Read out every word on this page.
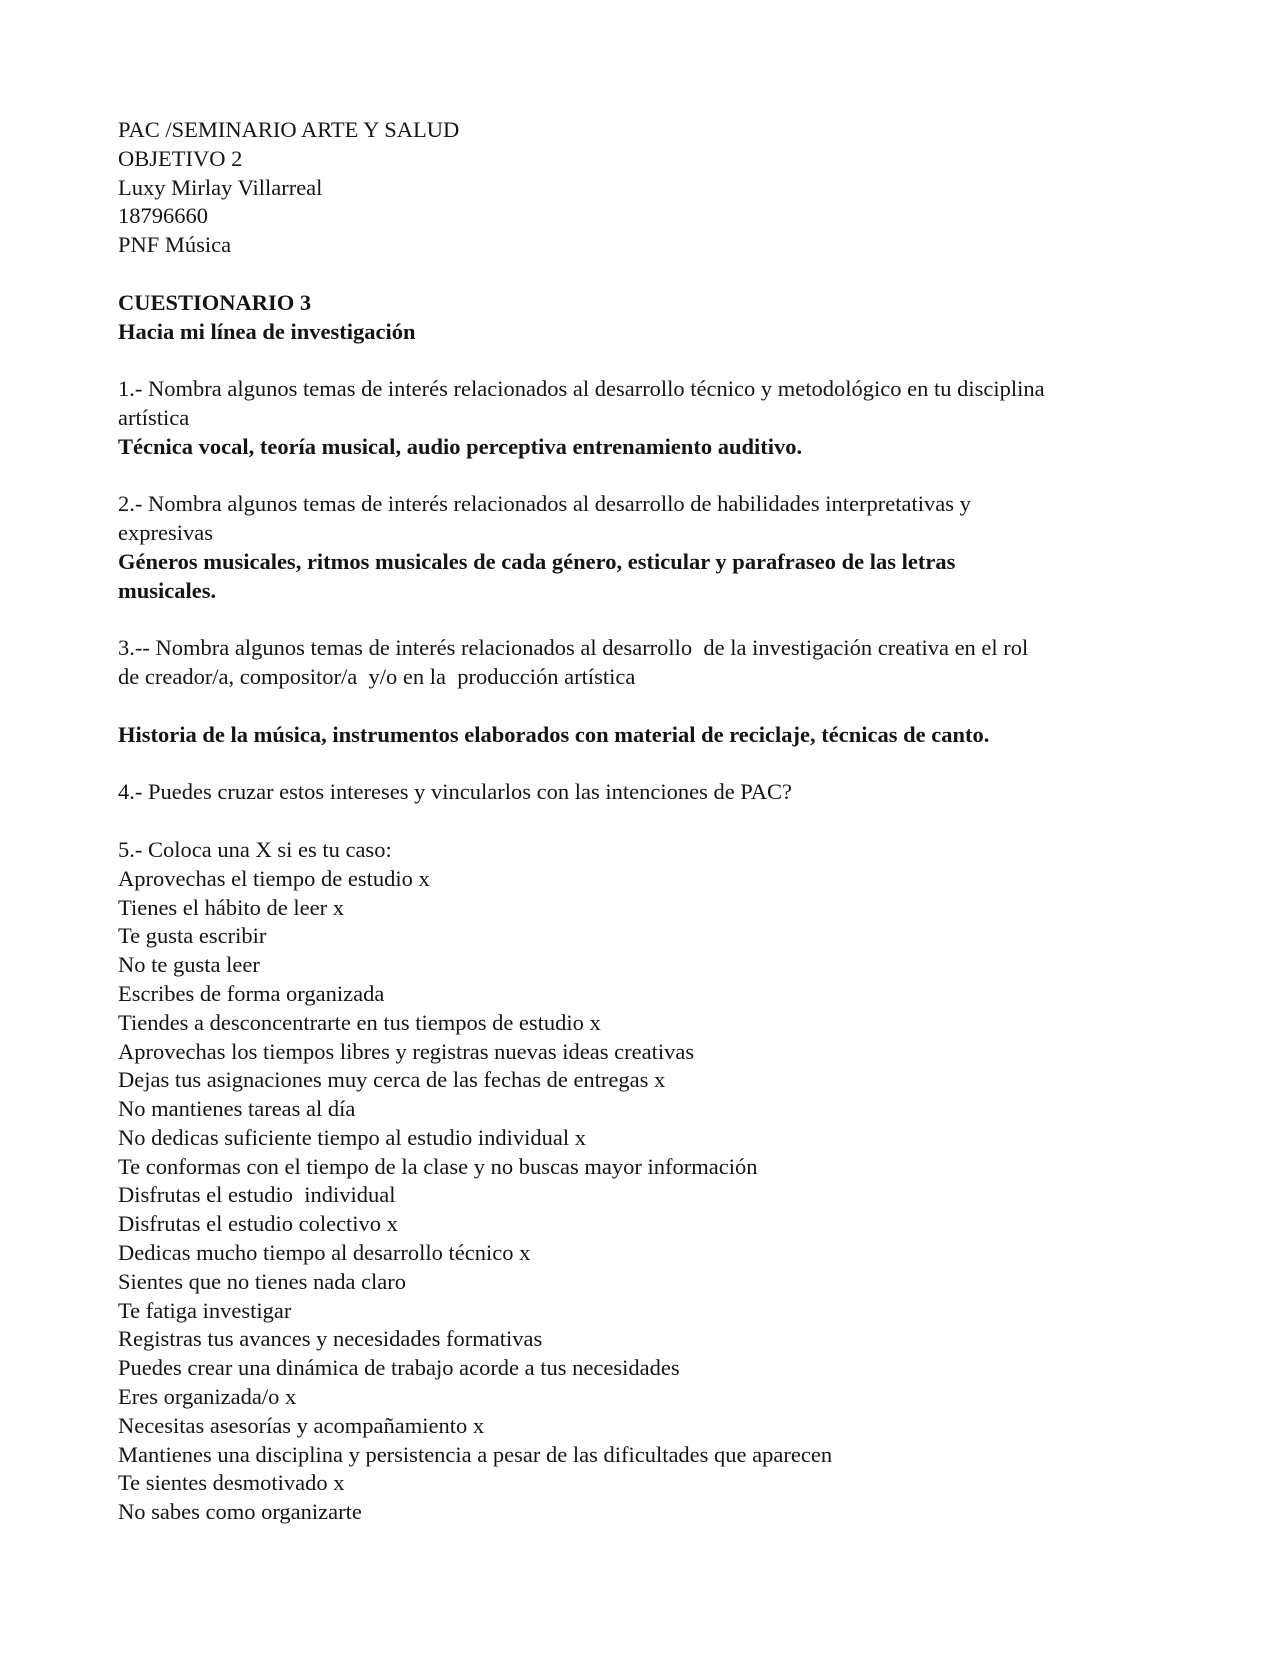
PAC /SEMINARIO ARTE Y SALUD
OBJETIVO 2
Luxy Mirlay Villarreal
18796660
PNF Música
CUESTIONARIO 3
Hacia mi línea de investigación
1.- Nombra algunos temas de interés relacionados al desarrollo técnico y metodológico en tu disciplina
artística
Técnica vocal, teoría musical, audio perceptiva entrenamiento auditivo.
2.- Nombra algunos temas de interés relacionados al desarrollo de habilidades interpretativas y
expresivas
Géneros musicales, ritmos musicales de cada género, esticular y parafraseo de las letras
musicales.
3.-- Nombra algunos temas de interés relacionados al desarrollo  de la investigación creativa en el rol
de creador/a, compositor/a  y/o en la  producción artística
Historia de la música, instrumentos elaborados con material de reciclaje, técnicas de canto.
4.- Puedes cruzar estos intereses y vincularlos con las intenciones de PAC?
5.- Coloca una X si es tu caso:
Aprovechas el tiempo de estudio x
Tienes el hábito de leer x
Te gusta escribir
No te gusta leer
Escribes de forma organizada
Tiendes a desconcentrarte en tus tiempos de estudio x
Aprovechas los tiempos libres y registras nuevas ideas creativas
Dejas tus asignaciones muy cerca de las fechas de entregas x
No mantienes tareas al día
No dedicas suficiente tiempo al estudio individual x
Te conformas con el tiempo de la clase y no buscas mayor información
Disfrutas el estudio  individual
Disfrutas el estudio colectivo x
Dedicas mucho tiempo al desarrollo técnico x
Sientes que no tienes nada claro
Te fatiga investigar
Registras tus avances y necesidades formativas
Puedes crear una dinámica de trabajo acorde a tus necesidades
Eres organizada/o x
Necesitas asesorías y acompañamiento x
Mantienes una disciplina y persistencia a pesar de las dificultades que aparecen
Te sientes desmotivado x
No sabes como organizarte
